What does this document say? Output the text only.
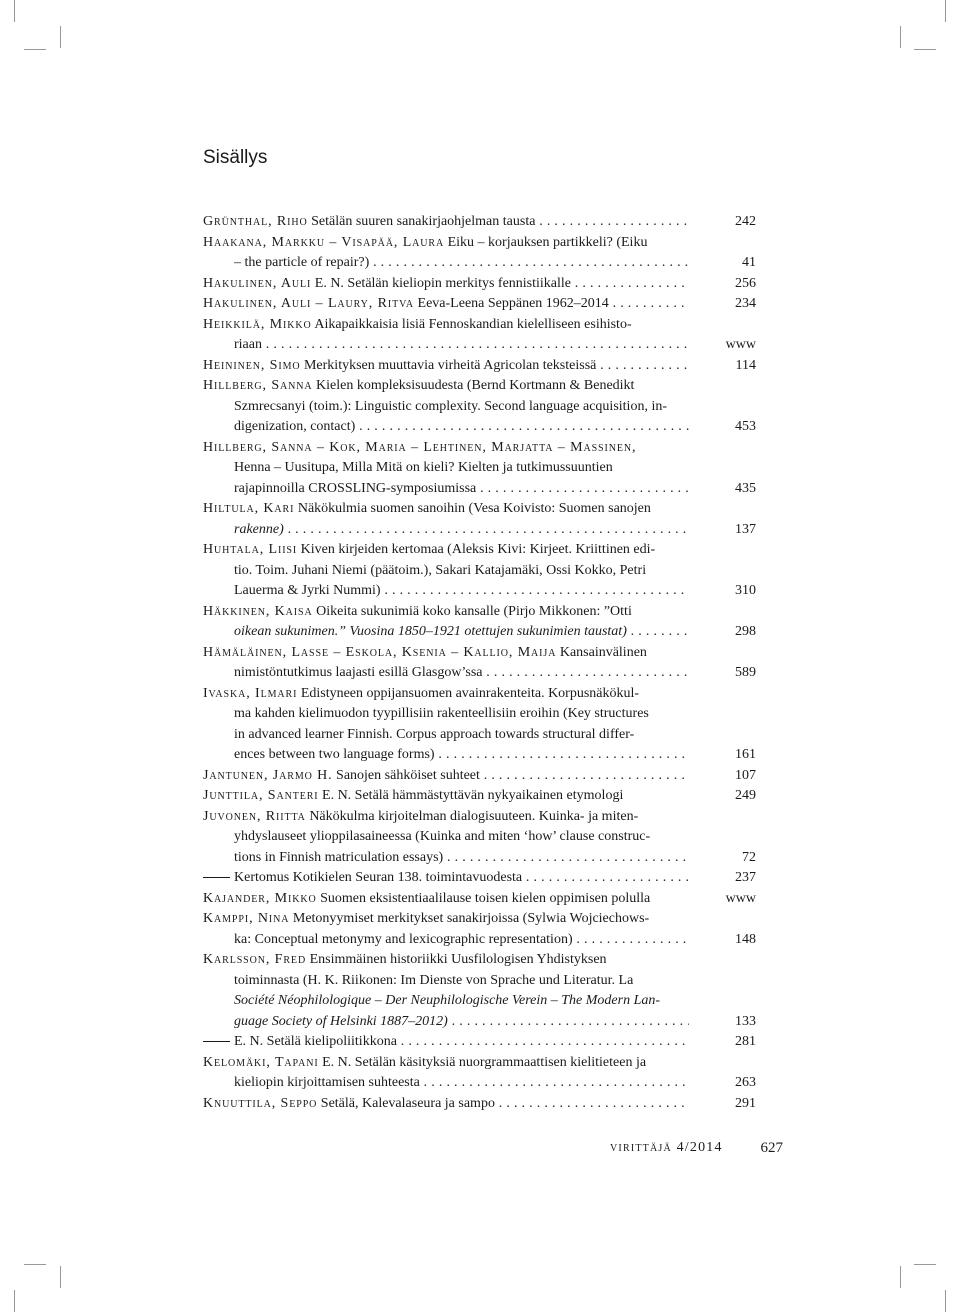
Sisällys
Grünthal, Riho Setälän suuren sanakirjaohjelman tausta . . .	242
Haakana, Markku – Visapää, Laura Eiku – korjauksen partikkeli? (Eiku
– the particle of repair?) . . .	41
Hakulinen, Auli E. N. Setälän kieliopin merkitys fennistiikalle . . .	256
Hakulinen, Auli – Laury, Ritva Eeva-Leena Seppänen 1962–2014 . . .	234
Heikkilä, Mikko Aikapaikkaisia lisiä Fennoskandian kielelliseen esihisto-
riaan . . .	www
Heininen, Simo Merkityksen muuttavia virheitä Agricolan teksteissä . . .	114
Hillberg, Sanna Kielen kompleksisuudesta (Bernd Kortmann & Benedikt
Szmrecsanyi (toim.): Linguistic complexity. Second language acquisition, in-
digenization, contact) . . .	453
Hillberg, Sanna – Kok, Maria – Lehtinen, Marjatta – Massinen,
Henna – Uusitupa, Milla Mitä on kieli? Kielten ja tutkimussuuntien
rajapinnoilla CROSSLING-symposiumissa . . .	435
Hiltula, Kari Näkökulmia suomen sanoihin (Vesa Koivisto: Suomen sanojen
rakenne) . . .	137
Huhtala, Liisi Kiven kirjeiden kertomaa (Aleksis Kivi: Kirjeet. Kriittinen edi-
tio. Toim. Juhani Niemi (päätoim.), Sakari Katajamäki, Ossi Kokko, Petri
Lauerma & Jyrki Nummi) . . .	310
Häkkinen, Kaisa Oikeita sukunimiä koko kansalle (Pirjo Mikkonen: ”Otti
oikean sukunimen.” Vuosina 1850–1921 otettujen sukunimien taustat) . . .	298
Hämäläinen, Lasse – Eskola, Ksenia – Kallio, Maija Kansainvälinen
nimistöntutkimus laajasti esillä Glasgow’ssa . . .	589
Ivaska, Ilmari Edistyneen oppijansuomen avainrakenteita. Korpusnäkökul-
ma kahden kielimuodon tyypillisiin rakenteellisiin eroihin (Key structures
in advanced learner Finnish. Corpus approach towards structural differ-
ences between two language forms) . . .	161
Jantunen, Jarmo H. Sanojen sähköiset suhteet . . .	107
Junttila, Santeri E. N. Setälä hämmästyttävän nykyaikainen etymologi	249
Juvonen, Riitta Näkökulma kirjoitelman dialogisuuteen. Kuinka- ja miten-
yhdyslauseet ylioppilasaineessa (Kuinka and miten ‘how’ clause construc-
tions in Finnish matriculation essays) . . .	72
Kertomus Kotikielen Seuran 138. toimintavuodesta . . .	237
Kajander, Mikko Suomen eksistentiaalilause toisen kielen oppimisen polulla	www
Kamppi, Nina Metonyymiset merkitykset sanakirjoissa (Sylwia Wojciechows-
ka: Conceptual metonymy and lexicographic representation) . . .	148
Karlsson, Fred Ensimmäinen historiikki Uusfilologisen Yhdistyksen
toiminnasta (H. K. Riikonen: Im Dienste von Sprache und Literatur. La
Société Néophilologique – Der Neuphilologische Verein – The Modern Lan-
guage Society of Helsinki 1887–2012) . . .	133
E. N. Setälä kielipoliitikkona . . .	281
Kelomäki, Tapani E. N. Setälän käsityksiä nuorgrammaattisen kielitieteen ja
kieliopin kirjoittamisen suhteesta . . .	263
Knuuttila, Seppo Setälä, Kalevalaseura ja sampo . . .	291
virittäjä 4/2014	627
